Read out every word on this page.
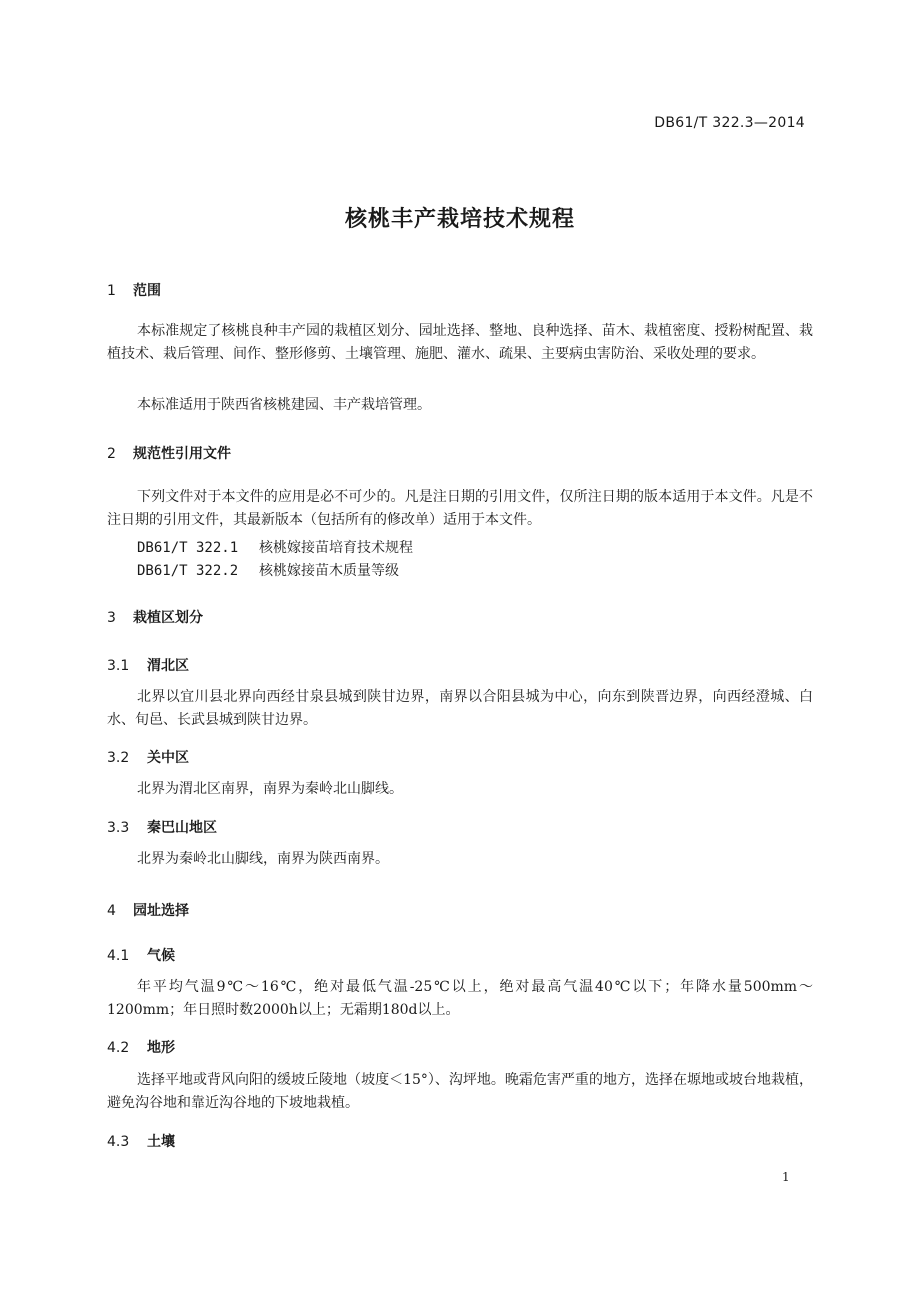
DB61/T 322.3—2014
核桃丰产栽培技术规程
1 范围

本标准规定了核桃良种丰产园的栽植区划分、园址选择、整地、良种选择、苗木、栽植密度、授粉树配置、栽植技术、栽后管理、间作、整形修剪、土壤管理、施肥、灌水、疏果、主要病虫害防治、采收处理的要求。

本标准适用于陕西省核桃建园、丰产栽培管理。

2 规范性引用文件

下列文件对于本文件的应用是必不可少的。凡是注日期的引用文件，仅所注日期的版本适用于本文件。凡是不注日期的引用文件，其最新版本（包括所有的修改单）适用于本文件。

DB61/T 322.1 核桃嫁接苗培育技术规程
DB61/T 322.2 核桃嫁接苗木质量等级
3 栽植区划分
3.1 渭北区

北界以宜川县北界向西经甘泉县城到陕甘边界，南界以合阳县城为中心，向东到陕晋边界，向西经澄城、白水、旬邑、长武县城到陕甘边界。

3.2 关中区

北界为渭北区南界，南界为秦岭北山脚线。

3.3 秦巴山地区

北界为秦岭北山脚线，南界为陕西南界。

4 园址选择
4.1 气候

年平均气温9℃～16℃，绝对最低气温-25℃以上，绝对最高气温40℃以下；年降水量500mm～1200mm；年日照时数2000h以上；无霜期180d以上。

4.2 地形

选择平地或背风向阳的缓坡丘陵地（坡度＜15°）、沟坪地。晚霜危害严重的地方，选择在塬地或坡台地栽植，避免沟谷地和靠近沟谷地的下坡地栽植。

4.3 土壤
1
